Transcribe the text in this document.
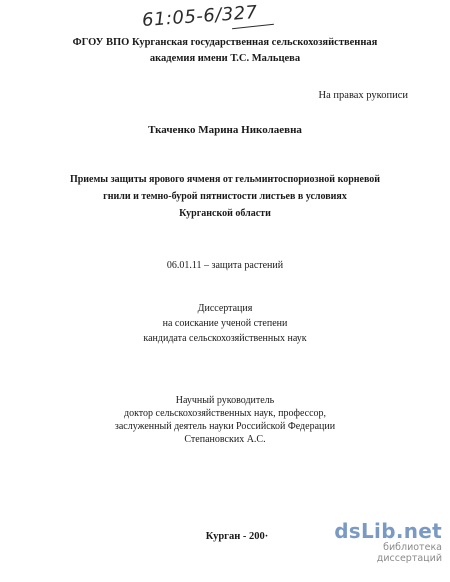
61:05-6/327
ФГОУ ВПО Курганская государственная сельскохозяйственная
академия имени Т.С. Мальцева
На правах рукописи
Ткаченко Марина Николаевна
Приемы защиты ярового ячменя от гельминтоспориозной корневой
гнили и темно-бурой пятнистости листьев в условиях
Курганской области
06.01.11 – защита растений
Диссертация
на соискание ученой степени
кандидата сельскохозяйственных наук
Научный руководитель
доктор сельскохозяйственных наук, профессор,
заслуженный деятель науки Российской Федерации
Степановских А.С.
Курган - 200·	dsLib.net
библиотека диссертаций
